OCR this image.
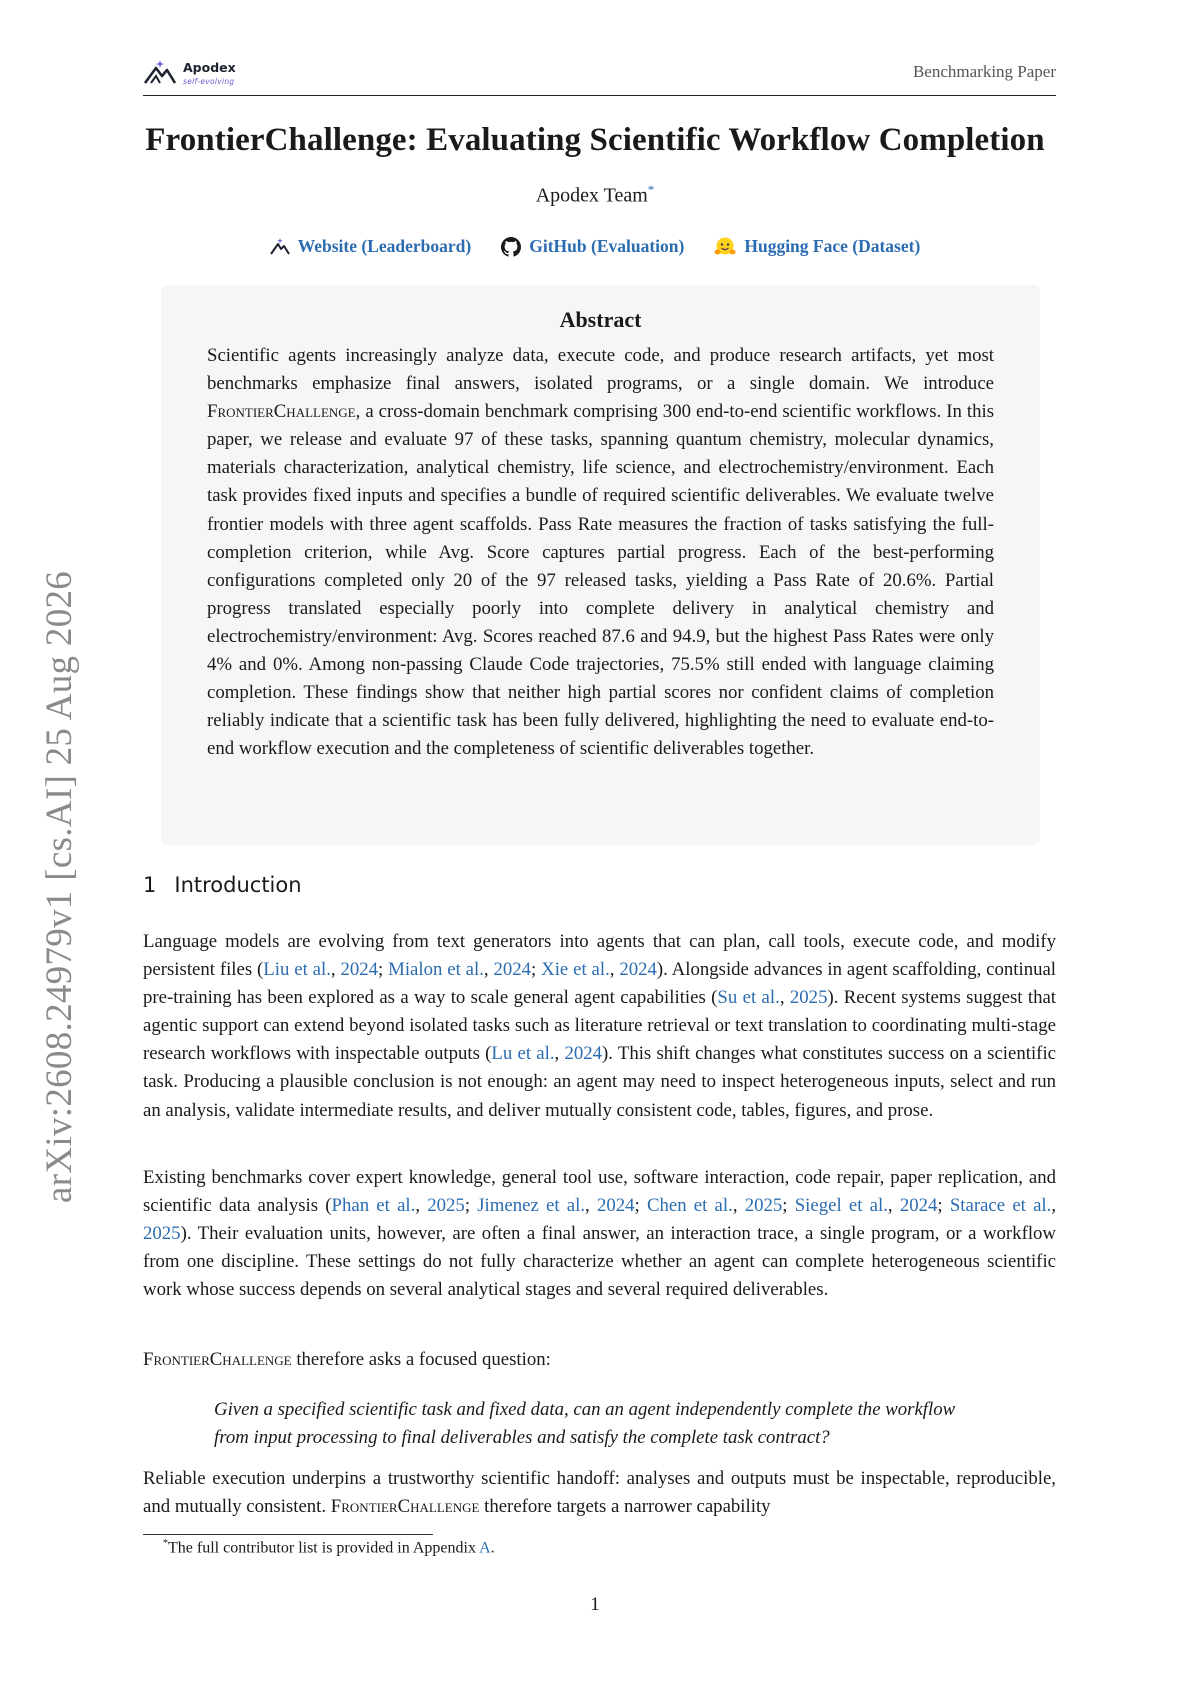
Apodex
self-evolving
Benchmarking Paper
FrontierChallenge: Evaluating Scientific Workflow Completion
Apodex Team*
Website (Leaderboard)	GitHub (Evaluation)	Hugging Face (Dataset)
Abstract

Scientific agents increasingly analyze data, execute code, and produce research artifacts, yet most benchmarks emphasize final answers, isolated programs, or a single domain. We introduce FrontierChallenge, a cross-domain benchmark comprising 300 end-to-end scientific workflows. In this paper, we release and evaluate 97 of these tasks, spanning quantum chemistry, molecular dynamics, materials characterization, analytical chemistry, life science, and electrochemistry/environment. Each task provides fixed inputs and specifies a bundle of required scientific deliverables. We evaluate twelve frontier models with three agent scaffolds. Pass Rate measures the fraction of tasks satisfying the full-completion criterion, while Avg. Score captures partial progress. Each of the best-performing configurations completed only 20 of the 97 released tasks, yielding a Pass Rate of 20.6%. Partial progress translated especially poorly into complete delivery in analytical chemistry and electrochemistry/environment: Avg. Scores reached 87.6 and 94.9, but the highest Pass Rates were only 4% and 0%. Among non-passing Claude Code trajectories, 75.5% still ended with language claiming completion. These findings show that neither high partial scores nor confident claims of completion reliably indicate that a scientific task has been fully delivered, highlighting the need to evaluate end-to-end workflow execution and the completeness of scientific deliverables together.

1 Introduction

Language models are evolving from text generators into agents that can plan, call tools, execute code, and modify persistent files (Liu et al., 2024; Mialon et al., 2024; Xie et al., 2024). Alongside advances in agent scaffolding, continual pre-training has been explored as a way to scale general agent capabilities (Su et al., 2025). Recent systems suggest that agentic support can extend beyond isolated tasks such as literature retrieval or text translation to coordinating multi-stage research workflows with inspectable outputs (Lu et al., 2024). This shift changes what constitutes success on a scientific task. Producing a plausible conclusion is not enough: an agent may need to inspect heterogeneous inputs, select and run an analysis, validate intermediate results, and deliver mutually consistent code, tables, figures, and prose.

Existing benchmarks cover expert knowledge, general tool use, software interaction, code repair, paper replication, and scientific data analysis (Phan et al., 2025; Jimenez et al., 2024; Chen et al., 2025; Siegel et al., 2024; Starace et al., 2025). Their evaluation units, however, are often a final answer, an interaction trace, a single program, or a workflow from one discipline. These settings do not fully characterize whether an agent can complete heterogeneous scientific work whose success depends on several analytical stages and several required deliverables.

FrontierChallenge therefore asks a focused question:

Given a specified scientific task and fixed data, can an agent independently complete the workflow from input processing to final deliverables and satisfy the complete task contract?

Reliable execution underpins a trustworthy scientific handoff: analyses and outputs must be inspectable, reproducible, and mutually consistent. FrontierChallenge therefore targets a narrower capability

*The full contributor list is provided in Appendix A.
1
arXiv:2608.24979v1 [cs.AI] 25 Aug 2026
